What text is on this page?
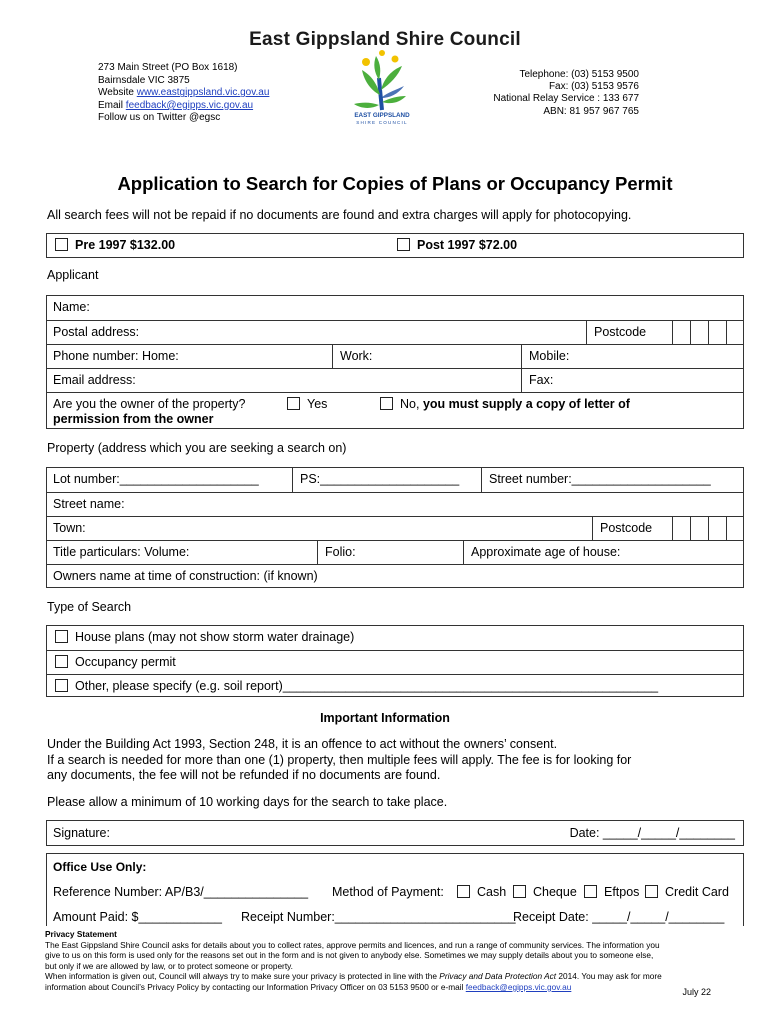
East Gippsland Shire Council
273 Main Street (PO Box 1618)
Bairnsdale VIC 3875
Website www.eastgippsland.vic.gov.au
Email feedback@egipps.vic.gov.au
Follow us on Twitter @egsc	EAST GIPPSLAND
SHIRE COUNCIL
Telephone: (03) 5153 9500
Fax: (03) 5153 9576
National Relay Service : 133 677
ABN: 81 957 967 765
Application to Search for Copies of Plans or Occupancy Permit
All search fees will not be repaid if no documents are found and extra charges will apply for photocopying.
Pre 1997 $132.00	Post 1997 $72.00
Applicant
Name:
Postal address:	Postcode
Phone number: Home:	Work:	Mobile:
Email address:	Fax:
Are you the owner of the property?	Yes	No, you must supply a copy of letter of
permission from the owner
Property (address which you are seeking a search on)
Lot number:____________________	PS:____________________ Street number:____________________
Street name:
Town:	Postcode
Title particulars: Volume:	Folio:	Approximate age of house:
Owners name at time of construction: (if known)
Type of Search
House plans (may not show storm water drainage)
Occupancy permit
Other, please specify (e.g. soil report)______________________________________________________
Important Information
Under the Building Act 1993, Section 248, it is an offence to act without the owners’ consent.
If a search is needed for more than one (1) property, then multiple fees will apply. The fee is for looking for
any documents, the fee will not be refunded if no documents are found.
Please allow a minimum of 10 working days for the search to take place.
Signature:	Date: _____/_____/________
Office Use Only:
Reference Number: AP/B3/_______________ Method of Payment:	Cash	Cheque	Eftpos	Credit Card
Amount Paid: $____________ Receipt Number:__________________________
Receipt Date: _____/_____/________
Privacy Statement
The East Gippsland Shire Council asks for details about you to collect rates, approve permits and licences, and run a range of community services. The information you
give to us on this form is used only for the reasons set out in the form and is not given to anybody else. Sometimes we may supply details about you to someone else,
but only if we are allowed by law, or to protect someone or property.
When information is given out, Council will always try to make sure your privacy is protected in line with the Privacy and Data Protection Act 2014. You may ask for more
information about Council’s Privacy Policy by contacting our Information Privacy Officer on 03 5153 9500 or e-mail feedback@egipps.vic.gov.au
July 22
